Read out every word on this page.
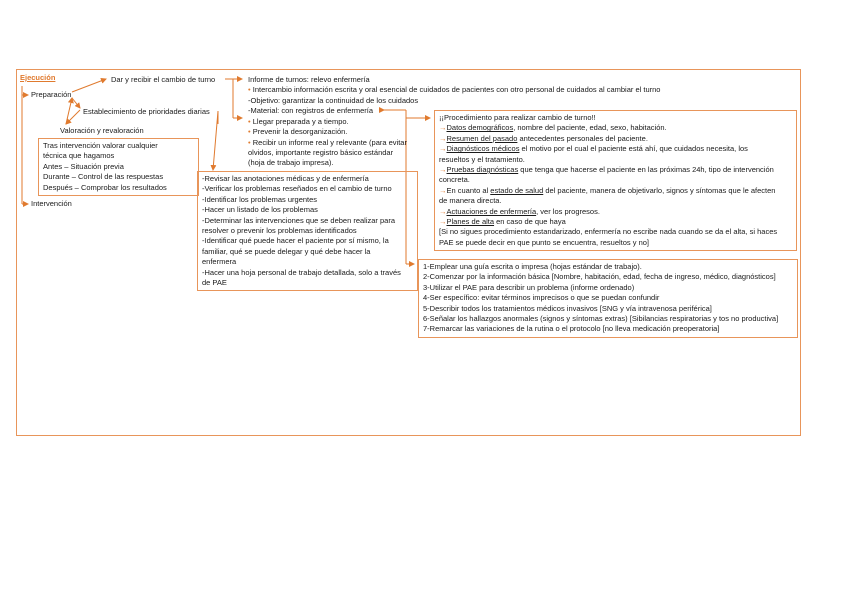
Ejecución
Preparación
Intervención
Dar y recibir el cambio de turno
Establecimiento de prioridades diarias
Valoración y revaloración
Tras intervención valorar cualquier
técnica que hagamos
Antes – Situación previa
Durante – Control de las respuestas
Después – Comprobar los resultados
Informe de turnos: relevo enfermería
• Intercambio información escrita y oral esencial de cuidados de pacientes con otro personal de cuidados al cambiar el turno
-Objetivo: garantizar la continuidad de los cuidados
-Material: con registros de enfermería
• Llegar preparada y a tiempo.
• Prevenir la desorganización.
• Recibir un informe real y relevante (para evitar
olvidos, importante registro básico estándar
(hoja de trabajo impresa).
-Revisar las anotaciones médicas y de enfermería
-Verificar los problemas reseñados en el cambio de turno
-Identificar los problemas urgentes
-Hacer un listado de los problemas
-Determinar las intervenciones que se deben realizar para
resolver o prevenir los problemas identificados
-Identificar qué puede hacer el paciente por sí mismo, la
familiar, qué se puede delegar y qué debe hacer la
enfermera
-Hacer una hoja personal de trabajo detallada, solo a través
de PAE
¡¡Procedimiento para realizar cambio de turno!!
→Datos demográficos, nombre del paciente, edad, sexo, habitación.
→Resumen del pasado antecedentes personales del paciente.
→Diagnósticos médicos el motivo por el cual el paciente está ahí, que cuidados necesita, los
resueltos y el tratamiento.
→Pruebas diagnósticas que tenga que hacerse el paciente en las próximas 24h, tipo de intervención
concreta.
→En cuanto al estado de salud del paciente, manera de objetivarlo, signos y síntomas que le afecten
de manera directa.
→Actuaciones de enfermería, ver los progresos.
→Planes de alta en caso de que haya
[Si no sigues procedimiento estandarizado, enfermería no escribe nada cuando se da el alta, si haces
PAE se puede decir en que punto se encuentra, resueltos y no]
1-Emplear una guía escrita o impresa (hojas estándar de trabajo).
2-Comenzar por la información básica [Nombre, habitación, edad, fecha de ingreso, médico, diagnósticos]
3-Utilizar el PAE para describir un problema (informe ordenado)
4-Ser específico: evitar términos imprecisos o que se puedan confundir
5-Describir todos los tratamientos médicos invasivos [SNG y vía intravenosa periférica]
6-Señalar los hallazgos anormales (signos y síntomas extras) [Sibilancias respiratorias y tos no productiva]
7-Remarcar las variaciones de la rutina o el protocolo [no lleva medicación preoperatoria]
